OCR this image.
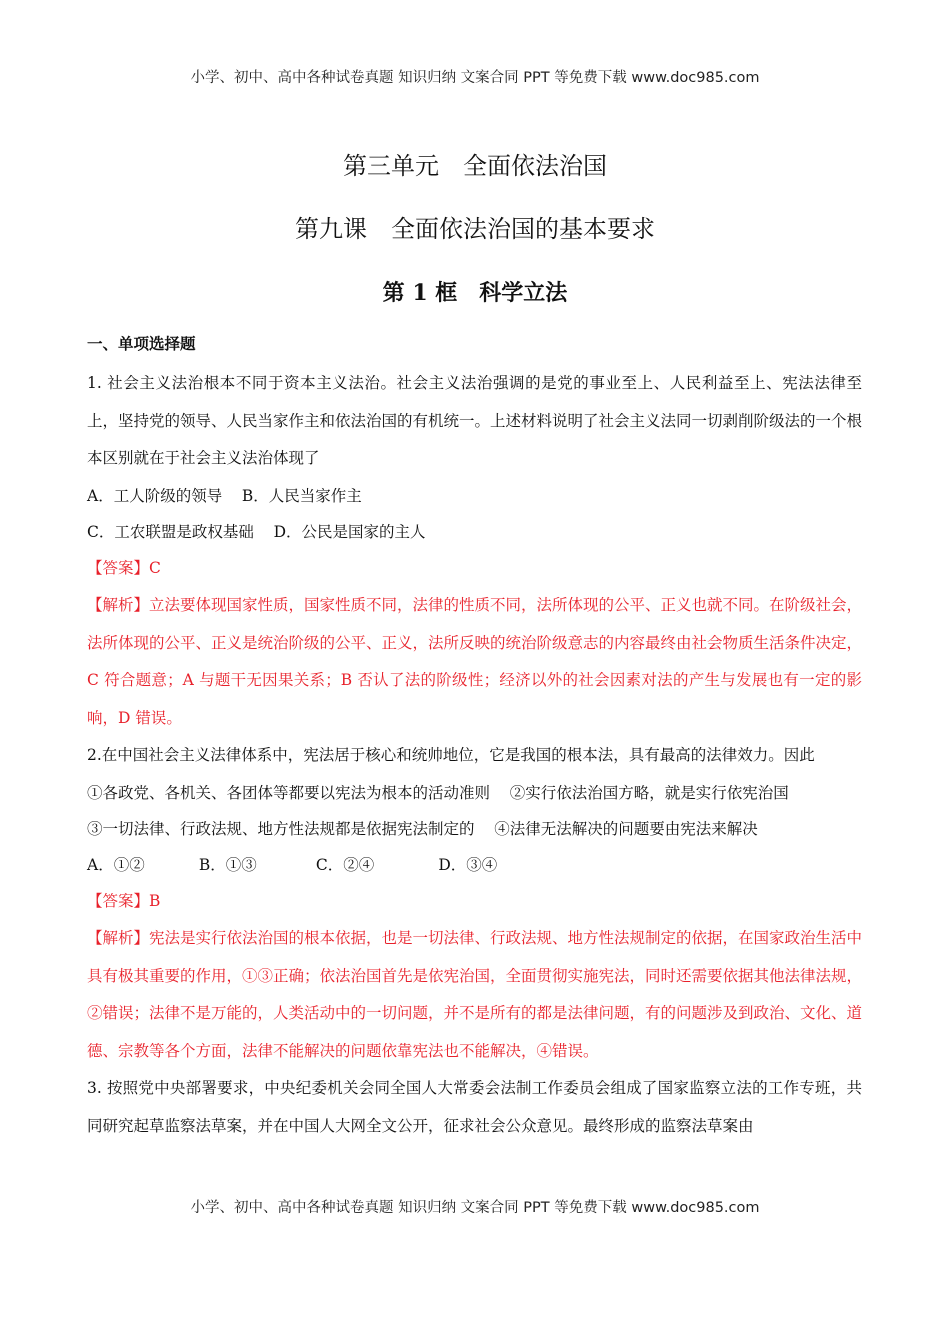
小学、初中、高中各种试卷真题 知识归纳 文案合同 PPT 等免费下载 www.doc985.com
第三单元　全面依法治国
第九课　全面依法治国的基本要求
第 1 框　科学立法
一、单项选择题
1. 社会主义法治根本不同于资本主义法治。社会主义法治强调的是党的事业至上、人民利益至上、宪法法律至上，坚持党的领导、人民当家作主和依法治国的有机统一。上述材料说明了社会主义法同一切剥削阶级法的一个根本区别就在于社会主义法治体现了
A．工人阶级的领导    B．人民当家作主
C．工农联盟是政权基础    D．公民是国家的主人
【答案】C
【解析】立法要体现国家性质，国家性质不同，法律的性质不同，法所体现的公平、正义也就不同。在阶级社会，法所体现的公平、正义是统治阶级的公平、正义，法所反映的统治阶级意志的内容最终由社会物质生活条件决定，C 符合题意；A 与题干无因果关系；B 否认了法的阶级性；经济以外的社会因素对法的产生与发展也有一定的影响，D 错误。
2.在中国社会主义法律体系中，宪法居于核心和统帅地位，它是我国的根本法，具有最高的法律效力。因此
①各政党、各机关、各团体等都要以宪法为根本的活动准则    ②实行依法治国方略，就是实行依宪治国
③一切法律、行政法规、地方性法规都是依据宪法制定的    ④法律无法解决的问题要由宪法来解决
A．①②           B．①③            C．②④             D．③④
【答案】B
【解析】宪法是实行依法治国的根本依据，也是一切法律、行政法规、地方性法规制定的依据，在国家政治生活中具有极其重要的作用，①③正确；依法治国首先是依宪治国，全面贯彻实施宪法，同时还需要依据其他法律法规，②错误；法律不是万能的，人类活动中的一切问题，并不是所有的都是法律问题，有的问题涉及到政治、文化、道德、宗教等各个方面，法律不能解决的问题依靠宪法也不能解决，④错误。
3. 按照党中央部署要求，中央纪委机关会同全国人大常委会法制工作委员会组成了国家监察立法的工作专班，共同研究起草监察法草案，并在中国人大网全文公开，征求社会公众意见。最终形成的监察法草案由
小学、初中、高中各种试卷真题 知识归纳 文案合同 PPT 等免费下载 www.doc985.com
